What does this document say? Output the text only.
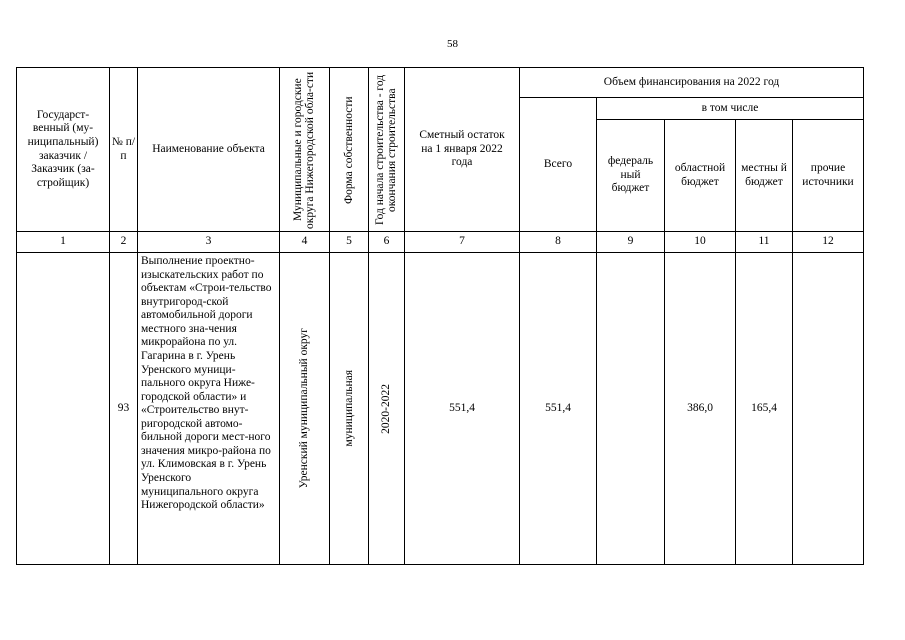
58
Государст-венный (му-ниципальный) заказчик / Заказчик (за-стройщик)	№ п/п	Наименование объекта	Муниципальные и городские округа Нижегородской обла-сти	Форма собственности	Год начала строительства - год окончания строительства	Сметный остаток на 1 января 2022 года	Объем финансирования на 2022 год				
							Всего	в том числе			
								федераль ный бюджет	областной бюджет	местны й бюджет	прочие источники
1	2	3	4	5	6	7	8	9	10	11	12
	93	Выполнение проектно-изыскательских работ по объектам «Строи-тельство внутригород-ской автомобильной дороги местного зна-чения микрорайона по ул. Гагарина в г. Урень Уренского муници-пального округа Ниже-городской области» и «Строительство внут-ригородской автомо-бильной дороги мест-ного значения микро-района по ул. Климовская в г. Урень Уренского муниципального округа Нижегородской области»	Уренский муниципальный округ	муниципальная	2020-2022	551,4	551,4		386,0	165,4	
